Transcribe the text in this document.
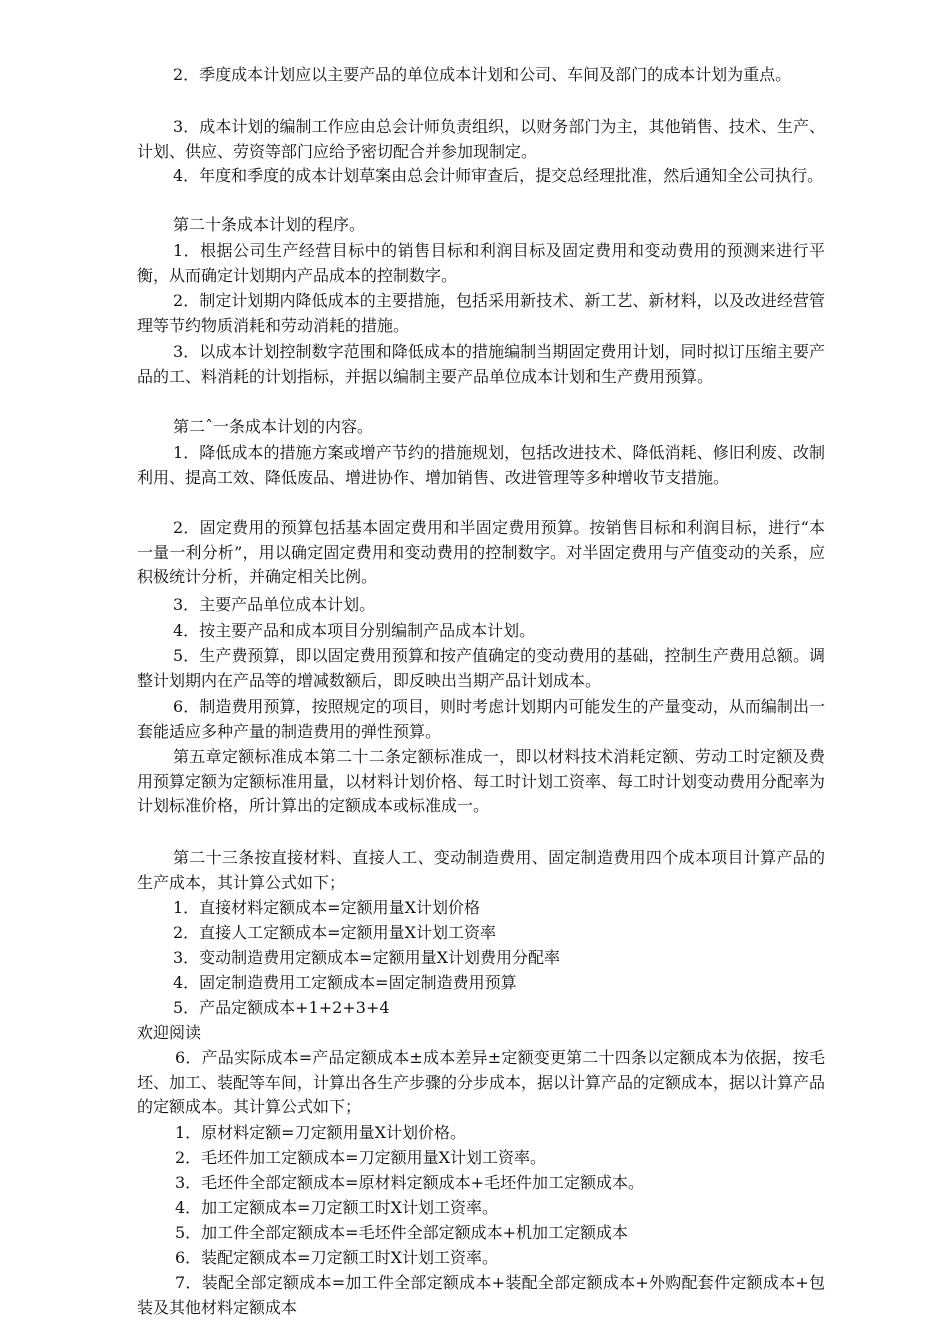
2．季度成本计划应以主要产品的单位成本计划和公司、车间及部门的成本计划为重点。

3．成本计划的编制工作应由总会计师负责组织，以财务部门为主，其他销售、技术、生产、计划、供应、劳资等部门应给予密切配合并参加现制定。

4．年度和季度的成本计划草案由总会计师审查后，提交总经理批准，然后通知全公司执行。

第二十条成本计划的程序。

1．根据公司生产经营目标中的销售目标和利润目标及固定费用和变动费用的预测来进行平衡，从而确定计划期内产品成本的控制数字。

2．制定计划期内降低成本的主要措施，包括采用新技术、新工艺、新材料，以及改进经营管理等节约物质消耗和劳动消耗的措施。

3．以成本计划控制数字范围和降低成本的措施编制当期固定费用计划，同时拟订压缩主要产品的工、料消耗的计划指标，并据以编制主要产品单位成本计划和生产费用预算。

第二ˆ一条成本计划的内容。

1．降低成本的措施方案或增产节约的措施规划，包括改进技术、降低消耗、修旧利废、改制利用、提高工效、降低废品、增进协作、增加销售、改进管理等多种增收节支措施。

2．固定费用的预算包括基本固定费用和半固定费用预算。按销售目标和利润目标，进行“本一量一利分析”，用以确定固定费用和变动费用的控制数字。对半固定费用与产值变动的关系，应积极统计分析，并确定相关比例。

3．主要产品单位成本计划。

4．按主要产品和成本项目分别编制产品成本计划。

5．生产费预算，即以固定费用预算和按产值确定的变动费用的基础，控制生产费用总额。调整计划期内在产品等的增减数额后，即反映出当期产品计划成本。

6．制造费用预算，按照规定的项目，则时考虑计划期内可能发生的产量变动，从而编制出一套能适应多种产量的制造费用的弹性预算。

第五章定额标准成本第二十二条定额标准成一，即以材料技术消耗定额、劳动工时定额及费用预算定额为定额标准用量，以材料计划价格、每工时计划工资率、每工时计划变动费用分配率为计划标准价格，所计算出的定额成本或标准成一。

第二十三条按直接材料、直接人工、变动制造费用、固定制造费用四个成本项目计算产品的生产成本，其计算公式如下；

1．直接材料定额成本=定额用量X计划价格

2．直接人工定额成本=定额用量X计划工资率

3．变动制造费用定额成本=定额用量X计划费用分配率

4．固定制造费用工定额成本=固定制造费用预算

5．产品定额成本+1+2+3+4

欢迎阅读

6．产品实际成本=产品定额成本±成本差异±定额变更第二十四条以定额成本为依据，按毛坯、加工、装配等车间，计算出各生产步骤的分步成本，据以计算产品的定额成本，据以计算产品的定额成本。其计算公式如下；

1．原材料定额=刀定额用量X计划价格。

2．毛坯件加工定额成本=刀定额用量X计划工资率。

3．毛坯件全部定额成本=原材料定额成本+毛坯件加工定额成本。

4．加工定额成本=刀定额工时X计划工资率。

5．加工件全部定额成本=毛坯件全部定额成本+机加工定额成本

6．装配定额成本=刀定额工时X计划工资率。

7．装配全部定额成本=加工件全部定额成本+装配全部定额成本+外购配套件定额成本+包装及其他材料定额成本
